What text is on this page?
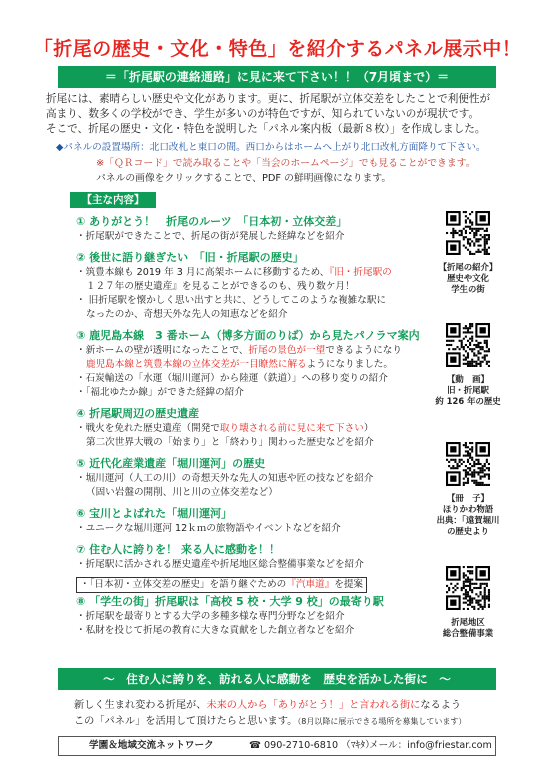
「折尾の歴史・文化・特色」を紹介するパネル展示中！
＝「折尾駅の連絡通路」に見に来て下さい！！（7月頃まで）＝

折尾には、素晴らしい歴史や文化があります。更に、折尾駅が立体交差をしたことで利便性が

高まり、数多くの学校ができ、学生が多いのが特色ですが、知られていないのが現状です。

そこで、折尾の歴史・文化・特色を説明した「パネル案内板（最新８枚）」を作成しました。

◆パネルの設置場所：北口改札と東口の間。西口からはホームへ上がり北口改札方面降りて下さい。

※「ＱＲコード」で読み取ることや「当会のホームページ」でも見ることができます。

パネルの画像をクリックすることで、PDF の鮮明画像になります。

【主な内容】
① ありがとう！　折尾のルーツ　「日本初・立体交差」

・折尾駅ができたことで、折尾の街が発展した経緯などを紹介

② 後世に語り継ぎたい　「旧・折尾駅の歴史」

・筑豊本線も 2019 年 3 月に高架ホームに移動するため、『旧・折尾駅の

１２７年の歴史遺産』を見ることができるのも、残り数ケ月！

・ 旧折尾駅を懐かしく思い出すと共に、どうしてこのような複雑な駅に

なったのか、奇想天外な先人の知恵などを紹介

③ 鹿児島本線　3 番ホーム（博多方面のりば）から見たパノラマ案内

・新ホームの壁が透明になったことで、折尾の景色が一望できるようになり

鹿児島本線と筑豊本線の立体交差が一目瞭然に解るようになりました。

・石炭輸送の「水運（堀川運河）から陸運（鉄道）」への移り変りの紹介

・「福北ゆたか線」ができた経緯の紹介

④ 折尾駅周辺の歴史遺産

・戦火を免れた歴史遺産（開発で取り壊される前に見に来て下さい）

第二次世界大戦の「始まり」と「終わり」関わった歴史などを紹介

⑤ 近代化産業遺産「堀川運河」の歴史

・堀川運河（人工の川）の奇想天外な先人の知恵や匠の技などを紹介

（固い岩盤の開削、川と川の立体交差など）

⑥ 宝川とよばれた「堀川運河」

・ユニークな堀川運河 12ｋｍの旅物語やイベントなどを紹介

⑦ 住む人に誇りを！ 来る人に感動を！！

・折尾駅に活かされる歴史遺産や折尾地区総合整備事業などを紹介

・「日本初・立体交差の歴史」を語り継ぐための『汽車道』を提案

⑧ 「学生の街」折尾駅は「高校 5 校・大学 9 校」の最寄り駅

・折尾駅を最寄りとする大学の多種多様な専門分野などを紹介

・私財を投じて折尾の教育に大きな貢献をした創立者などを紹介

【折尾の紹介】
歴史や文化
学生の街
【動　画】
旧・折尾駅
約 126 年の歴史
【冊　子】
ほりかわ物語
出典：「遠賀堀川
の歴史より
折尾地区
総合整備事業
～　住む人に誇りを、訪れる人に感動を　歴史を活かした街に　～

新しく生まれ変わる折尾が、未来の人から「ありがとう！」と言われる街になるよう

この「パネル」を活用して頂けたらと思います。（8月以降に展示できる場所を募集しています）

学園＆地域交流ネットワーク	☎ 090-2710-6810 （ﾏｷﾀ）
メール：info@friestar.com
